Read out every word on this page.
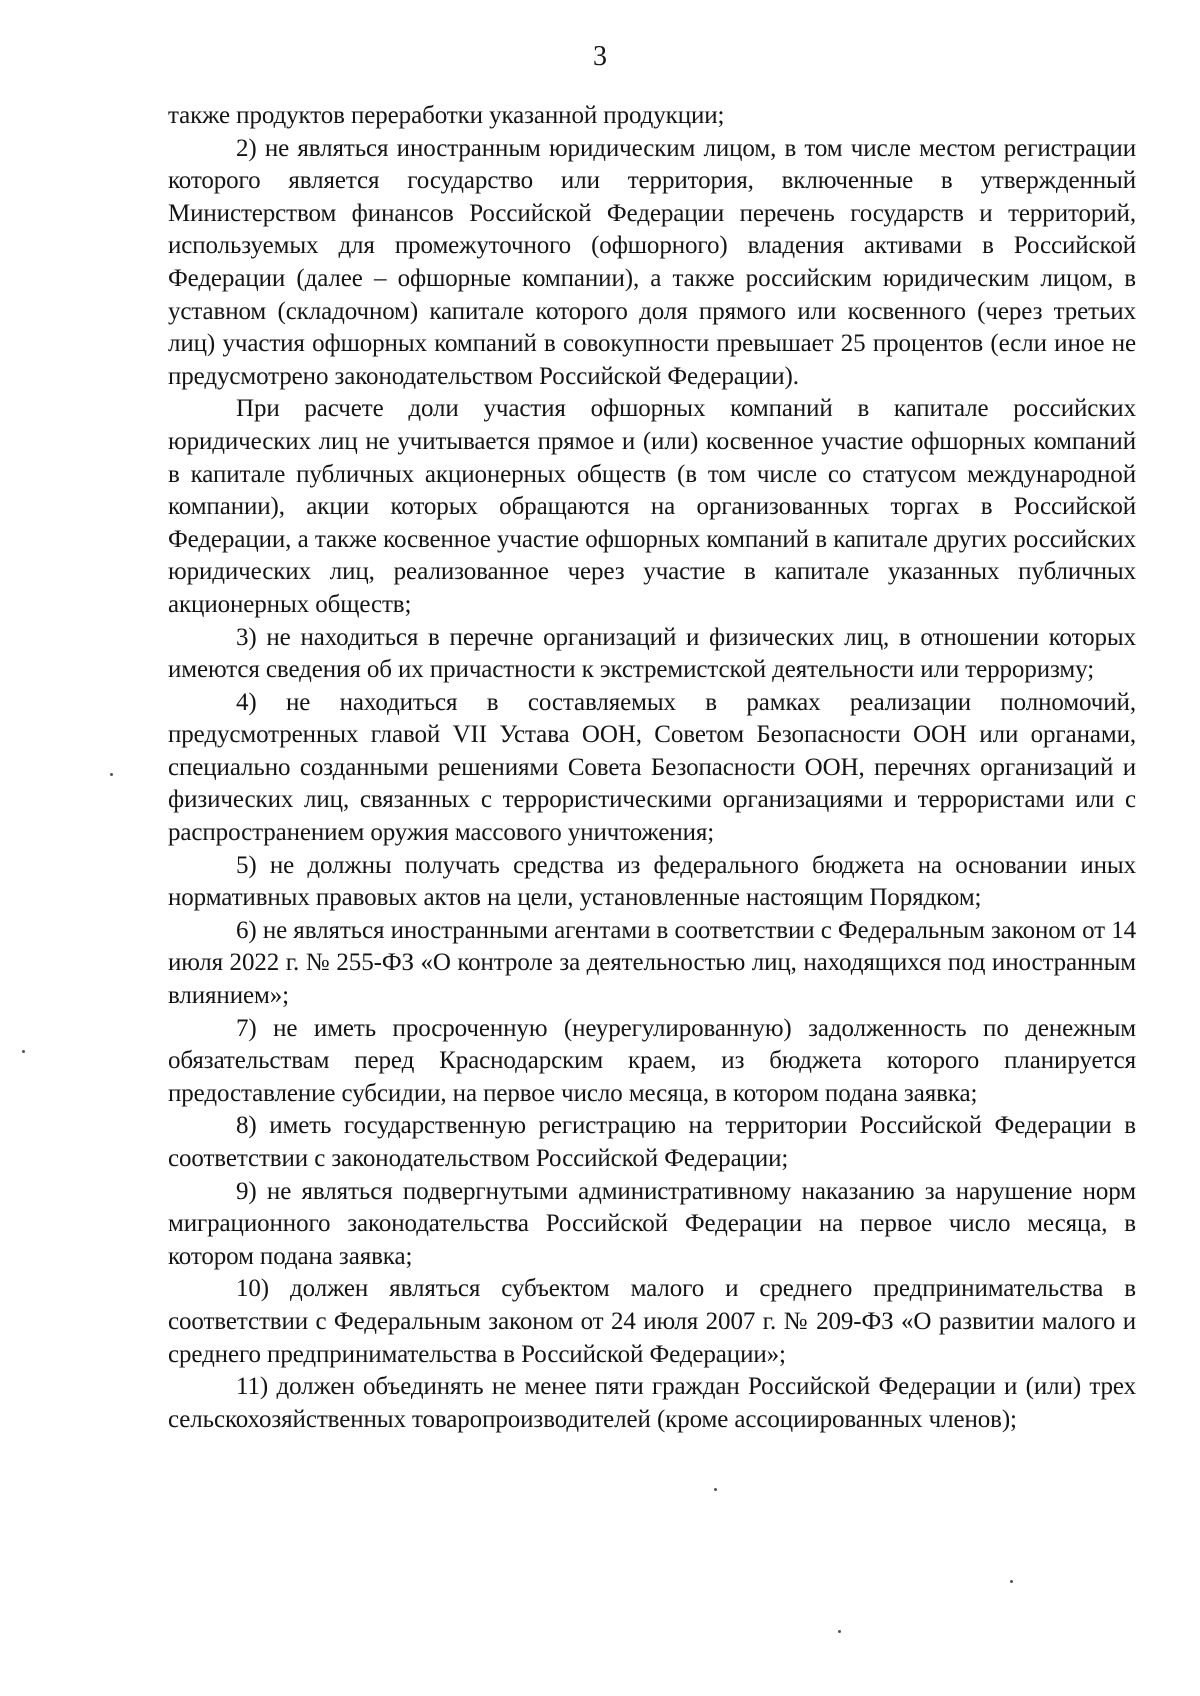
3

также продуктов переработки указанной продукции;

2) не являться иностранным юридическим лицом, в том числе местом регистрации которого является государство или территория, включенные в утвержденный Министерством финансов Российской Федерации перечень государств и территорий, используемых для промежуточного (офшорного) владения активами в Российской Федерации (далее – офшорные компании), а также российским юридическим лицом, в уставном (складочном) капитале которого доля прямого или косвенного (через третьих лиц) участия офшорных компаний в совокупности превышает 25 процентов (если иное не предусмотрено законодательством Российской Федерации).

При расчете доли участия офшорных компаний в капитале российских юридических лиц не учитывается прямое и (или) косвенное участие офшорных компаний в капитале публичных акционерных обществ (в том числе со статусом международной компании), акции которых обращаются на организованных торгах в Российской Федерации, а также косвенное участие офшорных компаний в капитале других российских юридических лиц, реализованное через участие в капитале указанных публичных акционерных обществ;

3) не находиться в перечне организаций и физических лиц, в отношении которых имеются сведения об их причастности к экстремистской деятельности или терроризму;

4) не находиться в составляемых в рамках реализации полномочий, предусмотренных главой VII Устава ООН, Советом Безопасности ООН или органами, специально созданными решениями Совета Безопасности ООН, перечнях организаций и физических лиц, связанных с террористическими организациями и террористами или с распространением оружия массового уничтожения;

5) не должны получать средства из федерального бюджета на основании иных нормативных правовых актов на цели, установленные настоящим Порядком;

6) не являться иностранными агентами в соответствии с Федеральным законом от 14 июля 2022 г. № 255-ФЗ «О контроле за деятельностью лиц, находящихся под иностранным влиянием»;

7) не иметь просроченную (неурегулированную) задолженность по денежным обязательствам перед Краснодарским краем, из бюджета которого планируется предоставление субсидии, на первое число месяца, в котором подана заявка;

8) иметь государственную регистрацию на территории Российской Федерации в соответствии с законодательством Российской Федерации;

9) не являться подвергнутыми административному наказанию за нарушение норм миграционного законодательства Российской Федерации на первое число месяца, в котором подана заявка;

10) должен являться субъектом малого и среднего предпринимательства в соответствии с Федеральным законом от 24 июля 2007 г. № 209-ФЗ «О развитии малого и среднего предпринимательства в Российской Федерации»;

11) должен объединять не менее пяти граждан Российской Федерации и (или) трех сельскохозяйственных товаропроизводителей (кроме ассоциированных членов);
